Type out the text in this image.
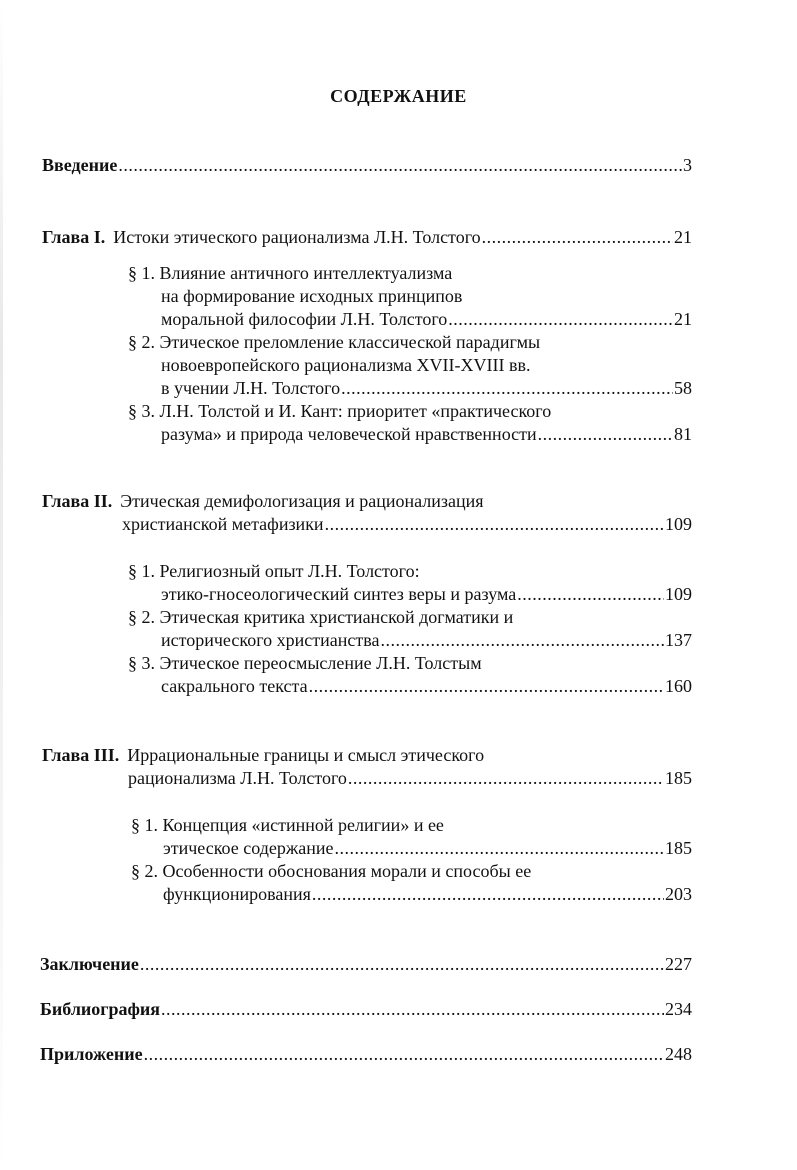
СОДЕРЖАНИЕ
Введение .....	3
Глава I. Истоки этического рационализма Л.Н. Толстого .....	21
§ 1. Влияние античного интеллектуализма
на формирование исходных принципов
моральной философии Л.Н. Толстого .....	21
§ 2. Этическое преломление классической парадигмы
новоевропейского рационализма XVII-XVIII вв.
в учении Л.Н. Толстого .....	58
§ 3. Л.Н. Толстой и И. Кант: приоритет «практического
разума» и природа человеческой нравственности .....	81
Глава II. Этическая демифологизация и рационализация
христианской метафизики .....	109
§ 1. Религиозный опыт Л.Н. Толстого:
этико-гносеологический синтез веры и разума .....	109
§ 2. Этическая критика христианской догматики и
исторического христианства .....	137
§ 3. Этическое переосмысление Л.Н. Толстым
сакрального текста .....	160
Глава III. Иррациональные границы и смысл этического
рационализма Л.Н. Толстого .....	185
§ 1. Концепция «истинной религии» и ее
этическое содержание .....	185
§ 2. Особенности обоснования морали и способы ее
функционирования .....	203
Заключение .....	227
Библиография .....	234
Приложение .....	248
